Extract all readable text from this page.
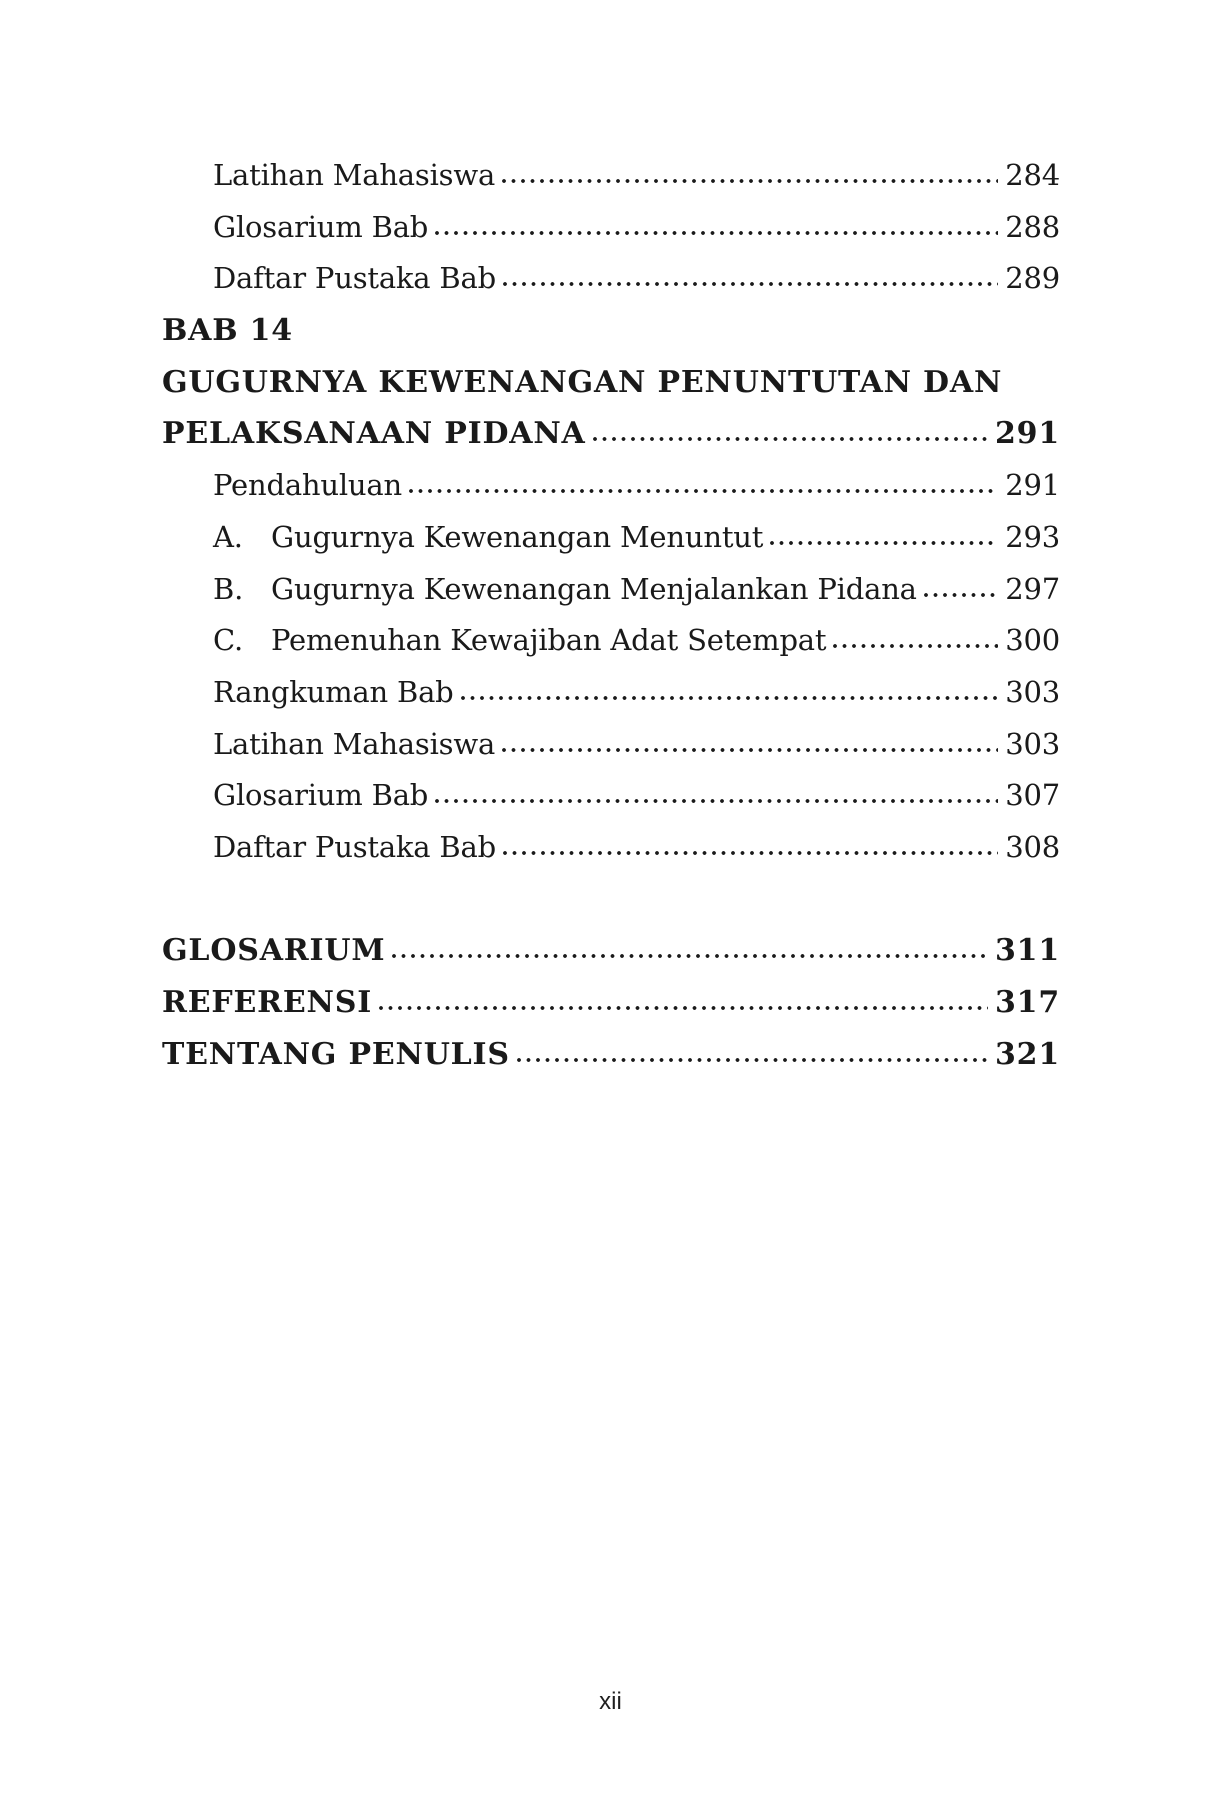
Latihan Mahasiswa	284
Glosarium Bab	288
Daftar Pustaka Bab	289
BAB 14
GUGURNYA KEWENANGAN PENUNTUTAN DAN
PELAKSANAAN PIDANA	291
Pendahuluan	291
A. Gugurnya Kewenangan Menuntut	293
B. Gugurnya Kewenangan Menjalankan Pidana	297
C. Pemenuhan Kewajiban Adat Setempat	300
Rangkuman Bab	303
Latihan Mahasiswa	303
Glosarium Bab	307
Daftar Pustaka Bab	308
GLOSARIUM	311
REFERENSI	317
TENTANG PENULIS	321
xii
